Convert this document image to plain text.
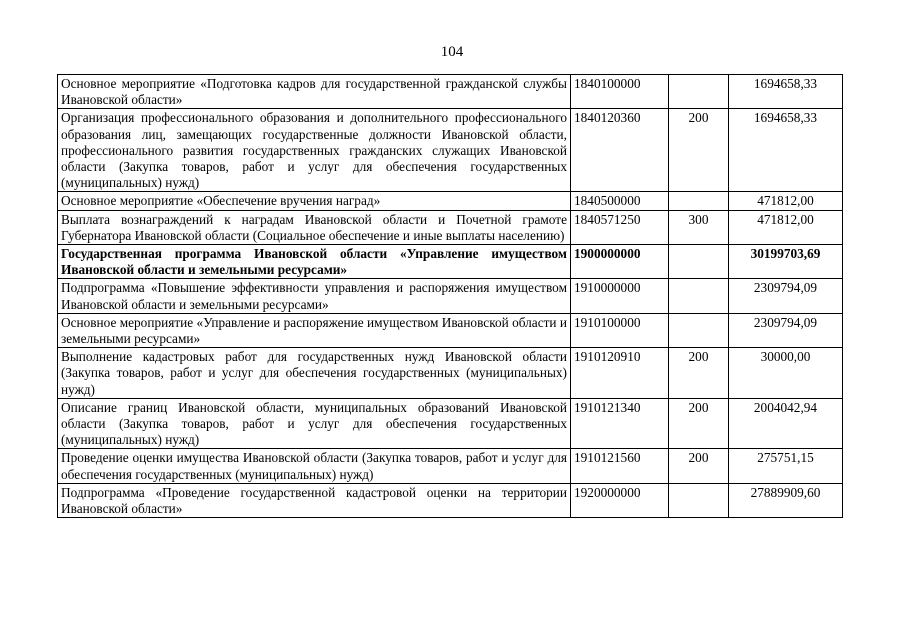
104
Основное мероприятие «Подготовка кадров для государственной гражданской службы Ивановской области»	1840100000		1694658,33
Организация профессионального образования и дополнительного профессионального образования лиц, замещающих государственные должности Ивановской области, профессионального развития государственных гражданских служащих Ивановской области (Закупка товаров, работ и услуг для обеспечения государственных (муниципальных) нужд)	1840120360	200	1694658,33
Основное мероприятие «Обеспечение вручения наград»	1840500000		471812,00
Выплата вознаграждений к наградам Ивановской области и Почетной грамоте Губернатора Ивановской области (Социальное обеспечение и иные выплаты населению)	1840571250	300	471812,00
Государственная программа Ивановской области «Управление имуществом Ивановской области и земельными ресурсами»	1900000000		30199703,69
Подпрограмма «Повышение эффективности управления и распоряжения имуществом Ивановской области и земельными ресурсами»	1910000000		2309794,09
Основное мероприятие «Управление и распоряжение имуществом Ивановской области и земельными ресурсами»	1910100000		2309794,09
Выполнение кадастровых работ для государственных нужд Ивановской области (Закупка товаров, работ и услуг для обеспечения государственных (муниципальных) нужд)	1910120910	200	30000,00
Описание границ Ивановской области, муниципальных образований Ивановской области (Закупка товаров, работ и услуг для обеспечения государственных (муниципальных) нужд)	1910121340	200	2004042,94
Проведение оценки имущества Ивановской области (Закупка товаров, работ и услуг для обеспечения государственных (муниципальных) нужд)	1910121560	200	275751,15
Подпрограмма «Проведение государственной кадастровой оценки на территории Ивановской области»	1920000000		27889909,60
